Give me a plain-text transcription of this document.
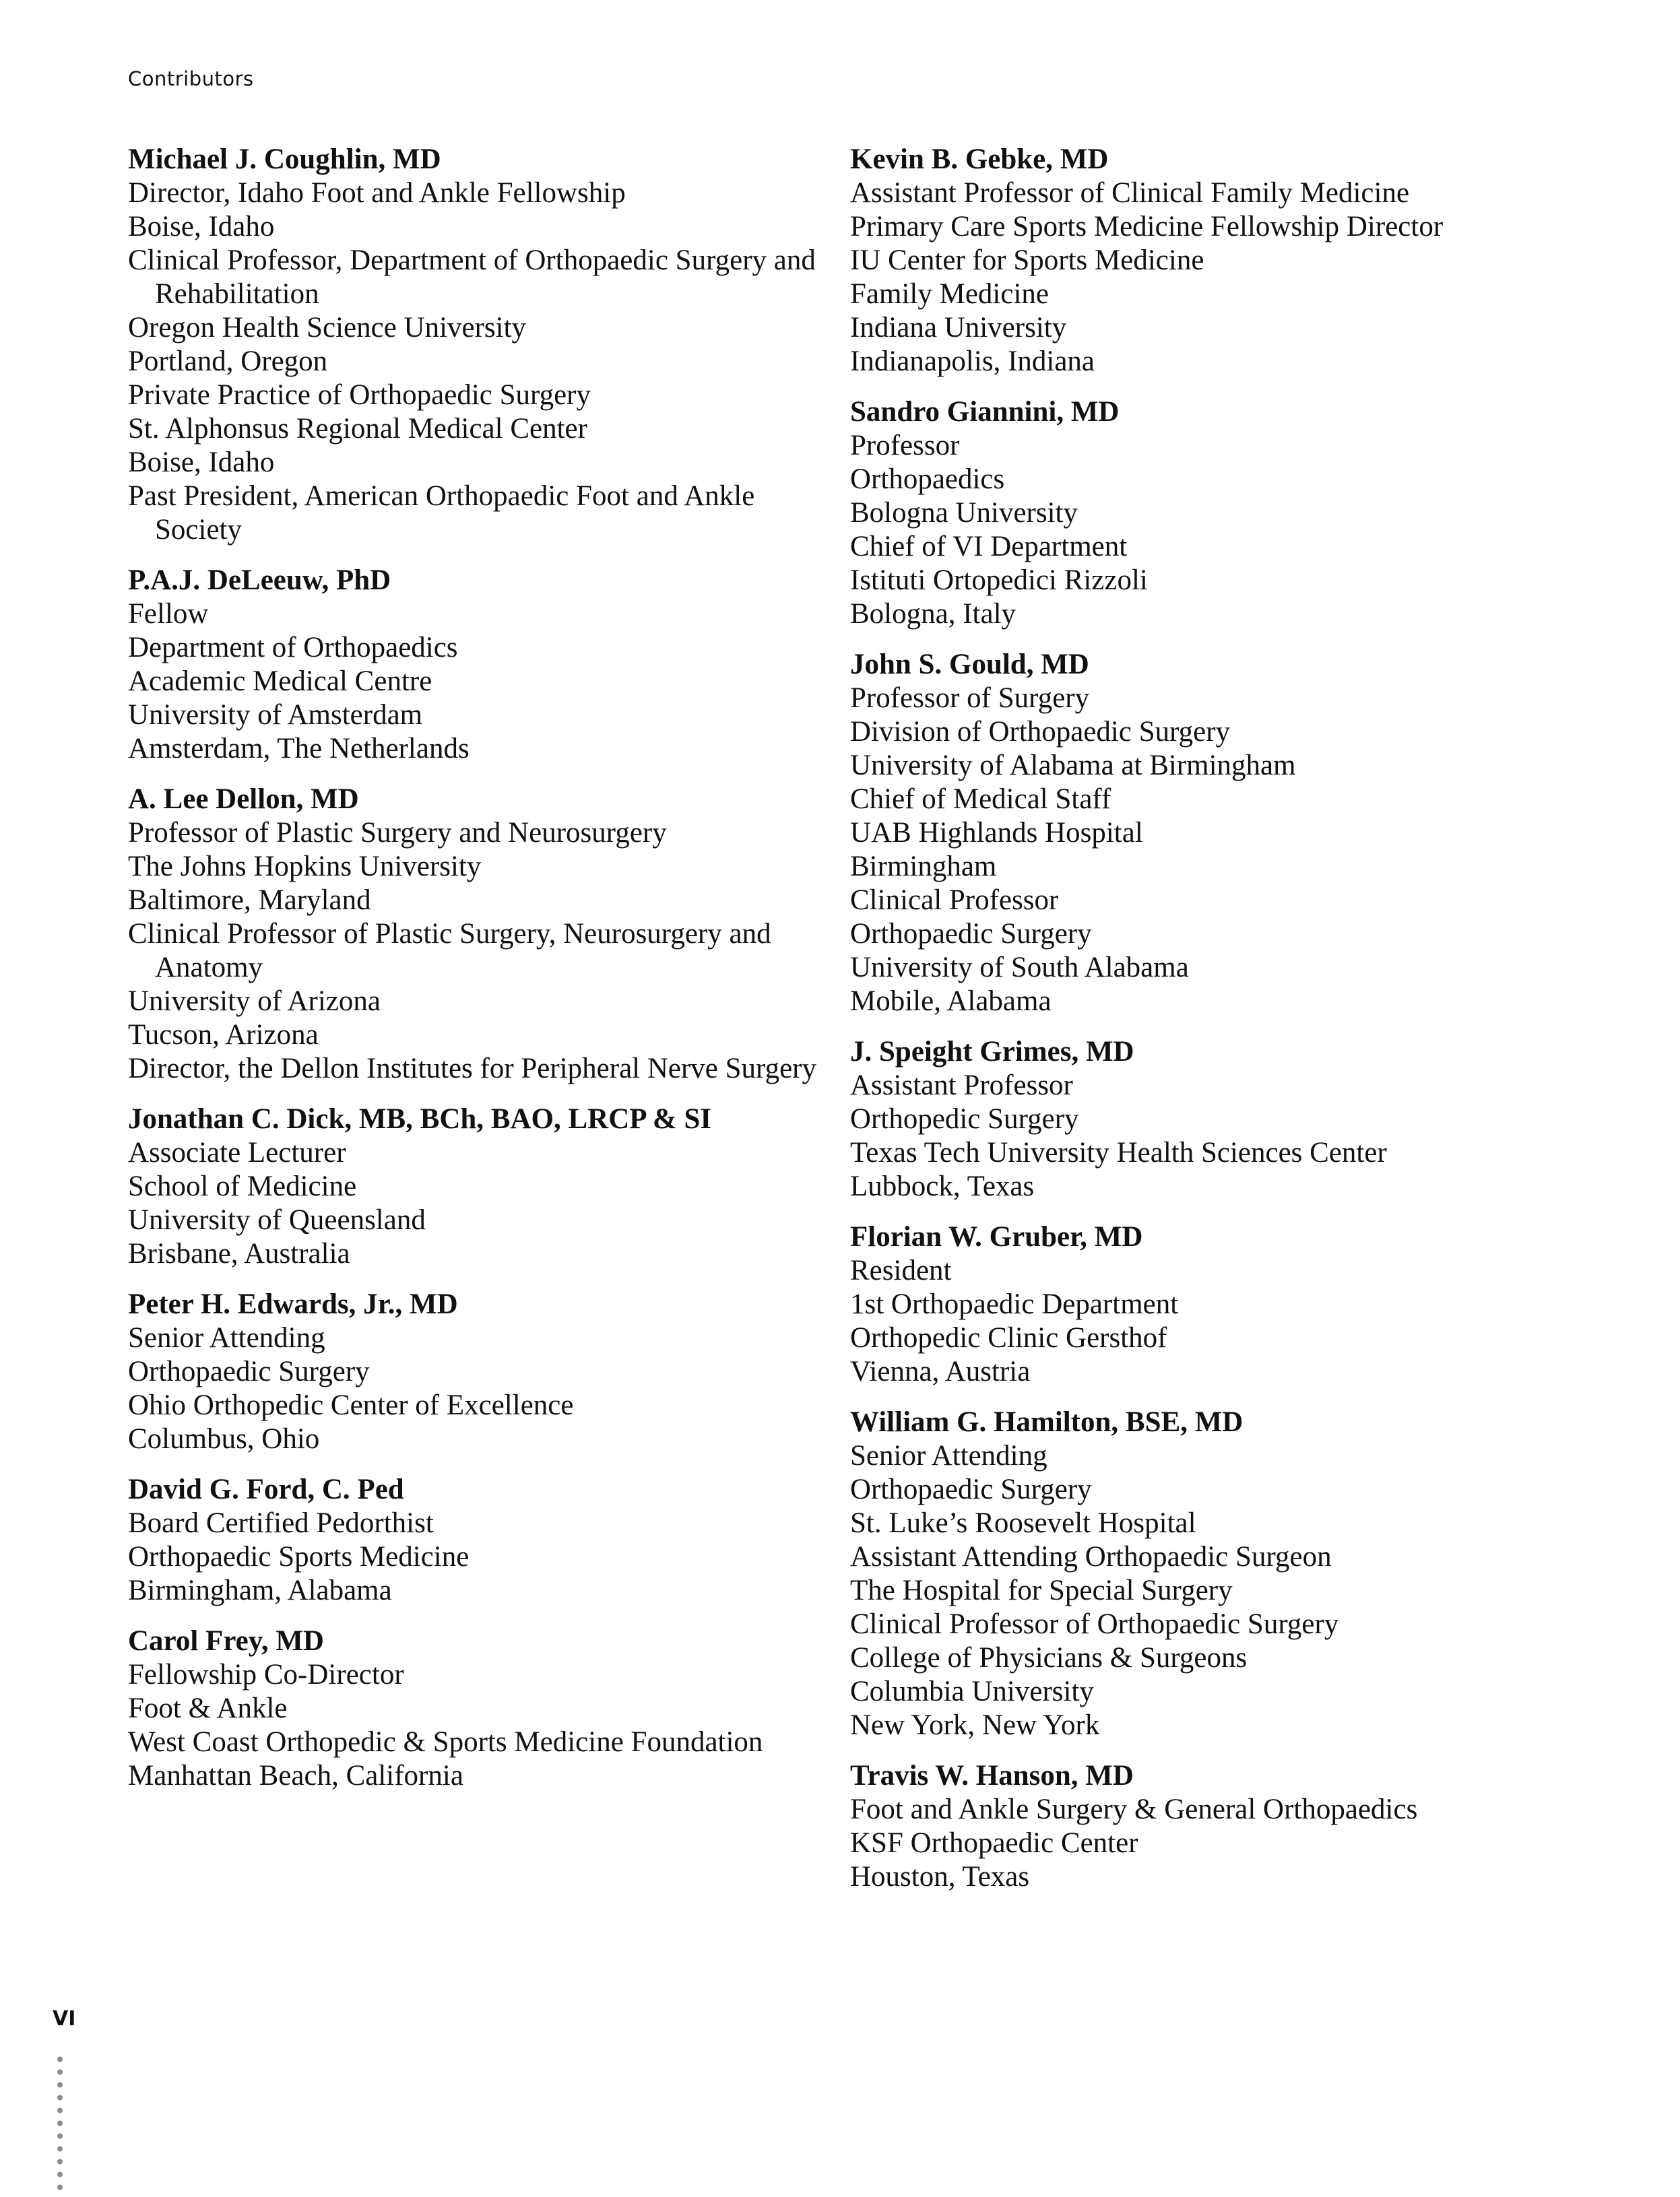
Contributors
Michael J. Coughlin, MD
Director, Idaho Foot and Ankle Fellowship
Boise, Idaho
Clinical Professor, Department of Orthopaedic Surgery and Rehabilitation
Oregon Health Science University
Portland, Oregon
Private Practice of Orthopaedic Surgery
St. Alphonsus Regional Medical Center
Boise, Idaho
Past President, American Orthopaedic Foot and Ankle Society
P.A.J. DeLeeuw, PhD
Fellow
Department of Orthopaedics
Academic Medical Centre
University of Amsterdam
Amsterdam, The Netherlands
A. Lee Dellon, MD
Professor of Plastic Surgery and Neurosurgery
The Johns Hopkins University
Baltimore, Maryland
Clinical Professor of Plastic Surgery, Neurosurgery and Anatomy
University of Arizona
Tucson, Arizona
Director, the Dellon Institutes for Peripheral Nerve Surgery
Jonathan C. Dick, MB, BCh, BAO, LRCP & SI
Associate Lecturer
School of Medicine
University of Queensland
Brisbane, Australia
Peter H. Edwards, Jr., MD
Senior Attending
Orthopaedic Surgery
Ohio Orthopedic Center of Excellence
Columbus, Ohio
David G. Ford, C. Ped
Board Certified Pedorthist
Orthopaedic Sports Medicine
Birmingham, Alabama
Carol Frey, MD
Fellowship Co-Director
Foot & Ankle
West Coast Orthopedic & Sports Medicine Foundation
Manhattan Beach, California
Kevin B. Gebke, MD
Assistant Professor of Clinical Family Medicine
Primary Care Sports Medicine Fellowship Director
IU Center for Sports Medicine
Family Medicine
Indiana University
Indianapolis, Indiana
Sandro Giannini, MD
Professor
Orthopaedics
Bologna University
Chief of VI Department
Istituti Ortopedici Rizzoli
Bologna, Italy
John S. Gould, MD
Professor of Surgery
Division of Orthopaedic Surgery
University of Alabama at Birmingham
Chief of Medical Staff
UAB Highlands Hospital
Birmingham
Clinical Professor
Orthopaedic Surgery
University of South Alabama
Mobile, Alabama
J. Speight Grimes, MD
Assistant Professor
Orthopedic Surgery
Texas Tech University Health Sciences Center
Lubbock, Texas
Florian W. Gruber, MD
Resident
1st Orthopaedic Department
Orthopedic Clinic Gersthof
Vienna, Austria
William G. Hamilton, BSE, MD
Senior Attending
Orthopaedic Surgery
St. Luke’s Roosevelt Hospital
Assistant Attending Orthopaedic Surgeon
The Hospital for Special Surgery
Clinical Professor of Orthopaedic Surgery
College of Physicians & Surgeons
Columbia University
New York, New York
Travis W. Hanson, MD
Foot and Ankle Surgery & General Orthopaedics
KSF Orthopaedic Center
Houston, Texas
VI
